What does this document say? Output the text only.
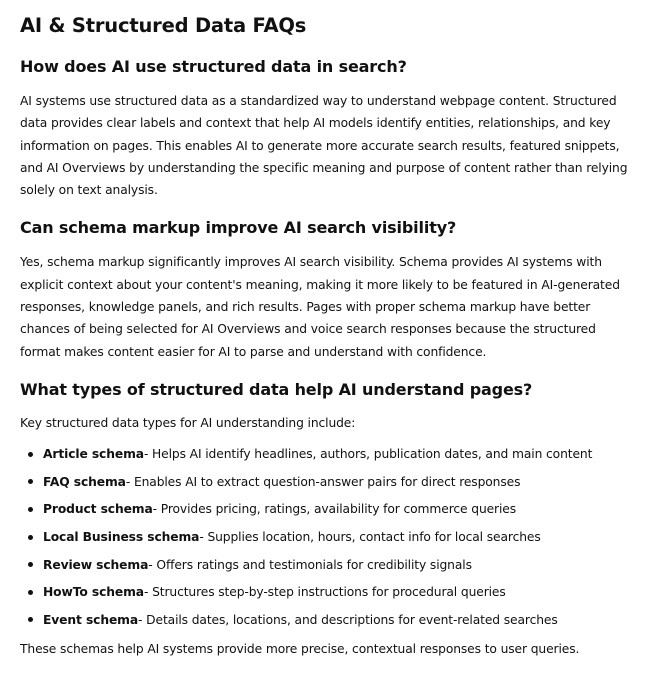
AI & Structured Data FAQs
How does AI use structured data in search?

AI systems use structured data as a standardized way to understand webpage content. Structured data provides clear labels and context that help AI models identify entities, relationships, and key information on pages. This enables AI to generate more accurate search results, featured snippets, and AI Overviews by understanding the specific meaning and purpose of content rather than relying solely on text analysis.

Can schema markup improve AI search visibility?

Yes, schema markup significantly improves AI search visibility. Schema provides AI systems with explicit context about your content's meaning, making it more likely to be featured in AI-generated responses, knowledge panels, and rich results. Pages with proper schema markup have better chances of being selected for AI Overviews and voice search responses because the structured format makes content easier for AI to parse and understand with confidence.

What types of structured data help AI understand pages?

Key structured data types for AI understanding include:

Article schema - Helps AI identify headlines, authors, publication dates, and main content
FAQ schema - Enables AI to extract question-answer pairs for direct responses
Product schema - Provides pricing, ratings, availability for commerce queries
Local Business schema - Supplies location, hours, contact info for local searches
Review schema - Offers ratings and testimonials for credibility signals
HowTo schema - Structures step-by-step instructions for procedural queries
Event schema - Details dates, locations, and descriptions for event-related searches

These schemas help AI systems provide more precise, contextual responses to user queries.
